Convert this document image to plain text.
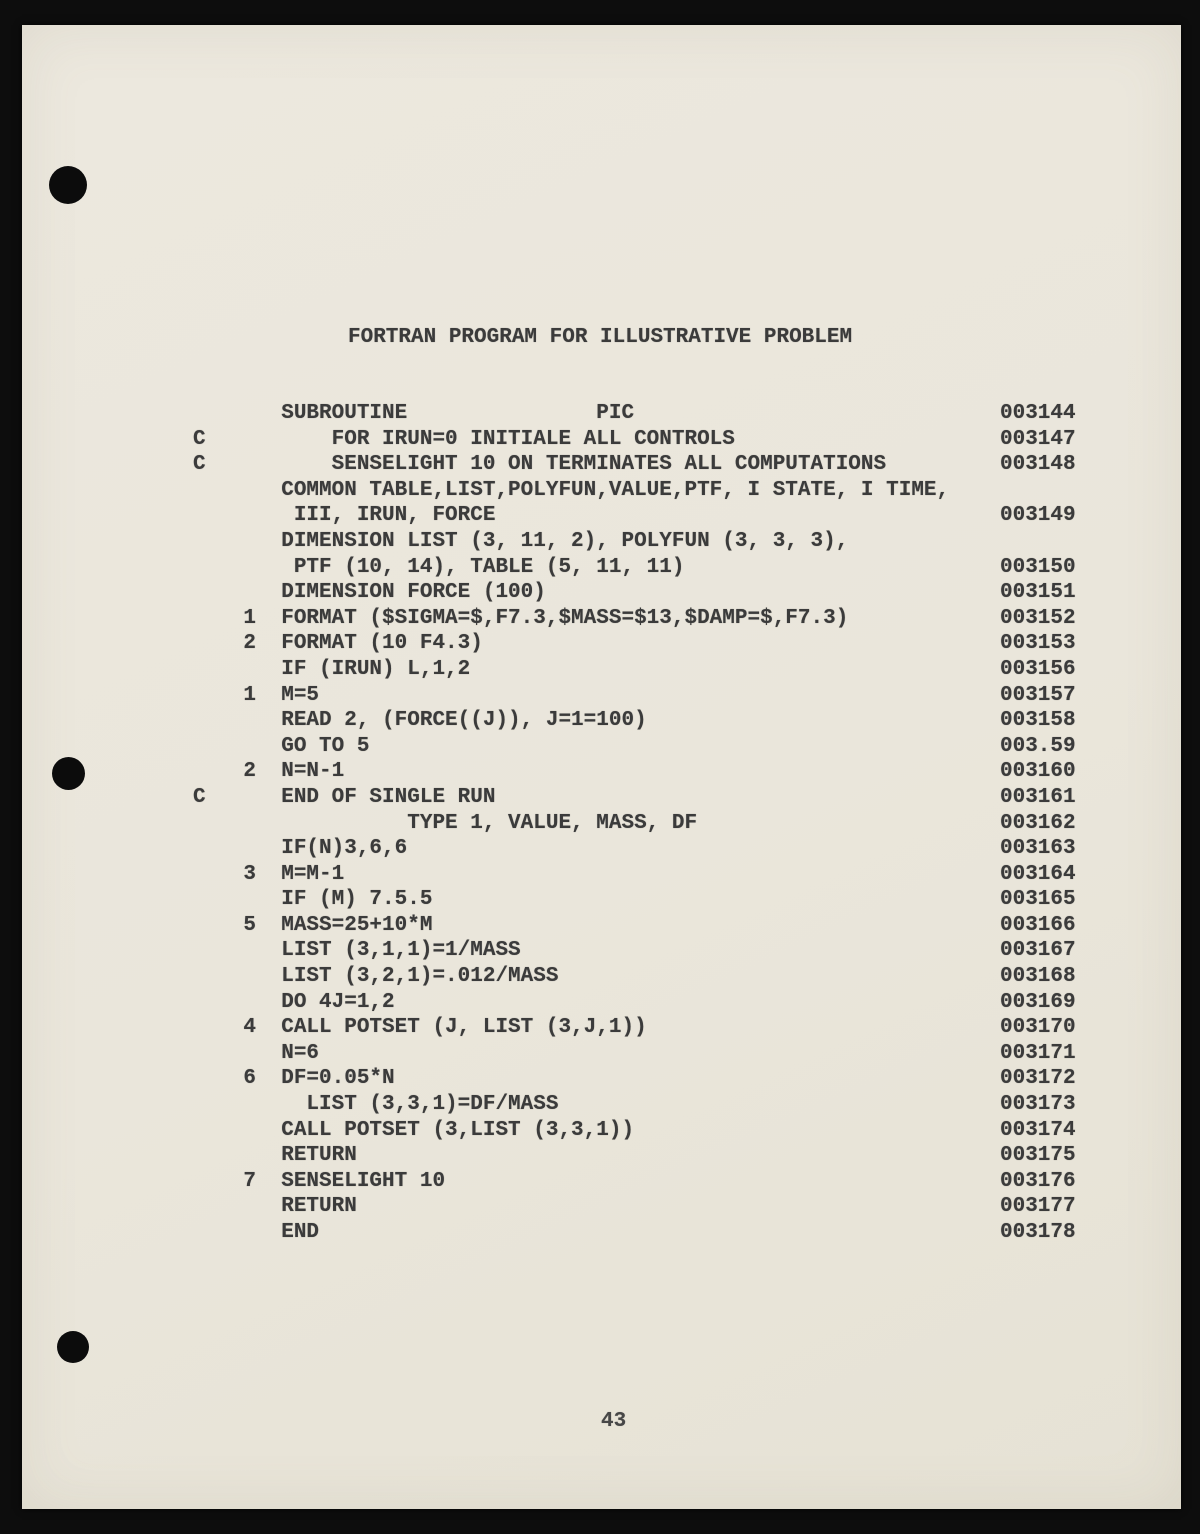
FORTRAN PROGRAM FOR ILLUSTRATIVE PROBLEM
SUBROUTINE               PIC	003144
C          FOR IRUN=0 INITIALE ALL CONTROLS	003147
C          SENSELIGHT 10 ON TERMINATES ALL COMPUTATIONS	003148
COMMON TABLE,LIST,POLYFUN,VALUE,PTF, I STATE, I TIME,
III, IRUN, FORCE	003149
DIMENSION LIST (3, 11, 2), POLYFUN (3, 3, 3),
PTF (10, 14), TABLE (5, 11, 11)	003150
DIMENSION FORCE (100)	003151
1  FORMAT ($SIGMA=$,F7.3,$MASS=$13,$DAMP=$,F7.3)	003152
2  FORMAT (10 F4.3)	003153
IF (IRUN) L,1,2	003156
1  M=5	003157
READ 2, (FORCE((J)), J=1=100)	003158
GO TO 5	003.59
2  N=N-1	003160
C      END OF SINGLE RUN	003161
TYPE 1, VALUE, MASS, DF	003162
IF(N)3,6,6	003163
3  M=M-1	003164
IF (M) 7.5.5	003165
5  MASS=25+10*M	003166
LIST (3,1,1)=1/MASS	003167
LIST (3,2,1)=.012/MASS	003168
DO 4J=1,2	003169
4  CALL POTSET (J, LIST (3,J,1))	003170
N=6	003171
6  DF=0.05*N	003172
LIST (3,3,1)=DF/MASS	003173
CALL POTSET (3,LIST (3,3,1))	003174
RETURN	003175
7  SENSELIGHT 10	003176
RETURN	003177
END	003178
43
